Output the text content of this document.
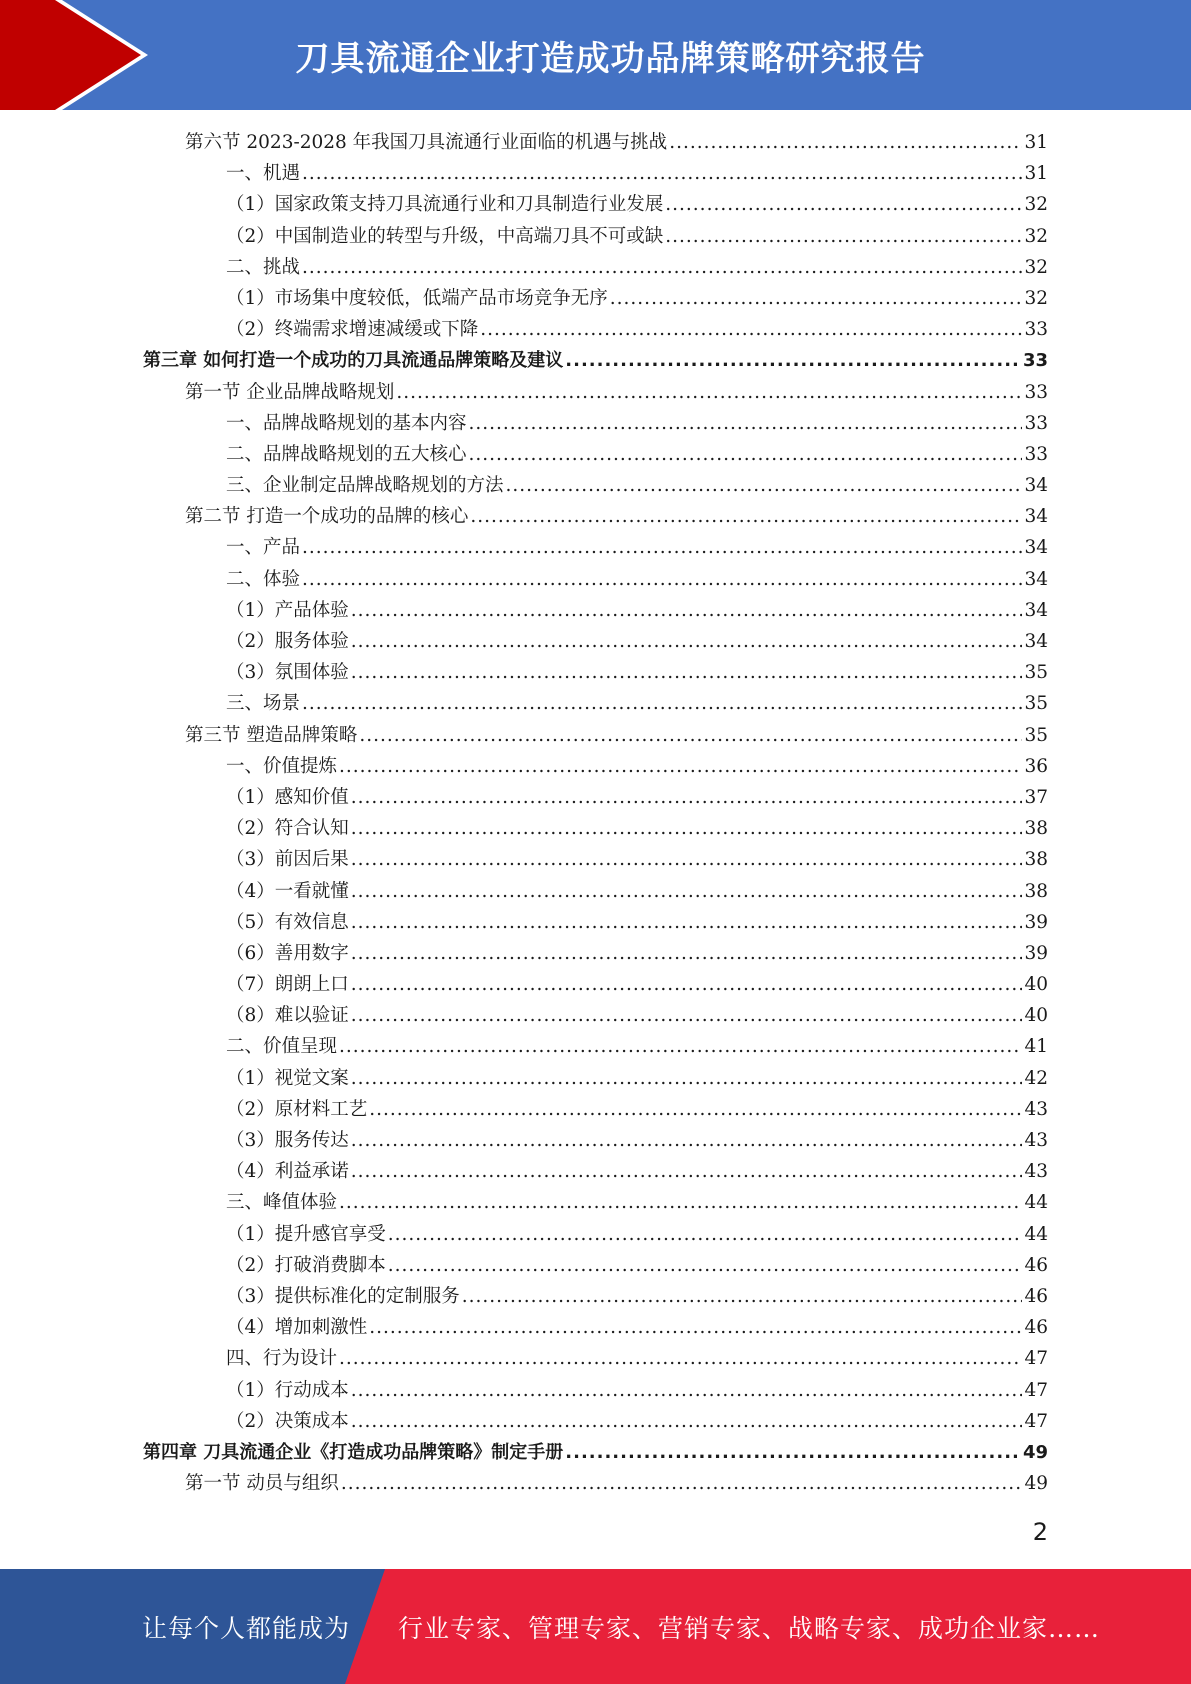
刀具流通企业打造成功品牌策略研究报告
第六节 2023-2028 年我国刀具流通行业面临的机遇与挑战 .....	31
一、机遇 .....	31
（1）国家政策支持刀具流通行业和刀具制造行业发展 .....	32
（2）中国制造业的转型与升级，中高端刀具不可或缺 .....	32
二、挑战 .....	32
（1）市场集中度较低，低端产品市场竞争无序 .....	32
（2）终端需求增速减缓或下降 .....	33
第三章 如何打造一个成功的刀具流通品牌策略及建议 .....	33
第一节 企业品牌战略规划 .....	33
一、品牌战略规划的基本内容 .....	33
二、品牌战略规划的五大核心 .....	33
三、企业制定品牌战略规划的方法 .....	34
第二节 打造一个成功的品牌的核心 .....	34
一、产品 .....	34
二、体验 .....	34
（1）产品体验 .....	34
（2）服务体验 .....	34
（3）氛围体验 .....	35
三、场景 .....	35
第三节 塑造品牌策略 .....	35
一、价值提炼 .....	36
（1）感知价值 .....	37
（2）符合认知 .....	38
（3）前因后果 .....	38
（4）一看就懂 .....	38
（5）有效信息 .....	39
（6）善用数字 .....	39
（7）朗朗上口 .....	40
（8）难以验证 .....	40
二、价值呈现 .....	41
（1）视觉文案 .....	42
（2）原材料工艺 .....	43
（3）服务传达 .....	43
（4）利益承诺 .....	43
三、峰值体验 .....	44
（1）提升感官享受 .....	44
（2）打破消费脚本 .....	46
（3）提供标准化的定制服务 .....	46
（4）增加刺激性 .....	46
四、行为设计 .....	47
（1）行动成本 .....	47
（2）决策成本 .....	47
第四章 刀具流通企业《打造成功品牌策略》制定手册 .....	49
第一节 动员与组织 .....	49
2
让每个人都能成为 行业专家、管理专家、营销专家、战略专家、成功企业家……
